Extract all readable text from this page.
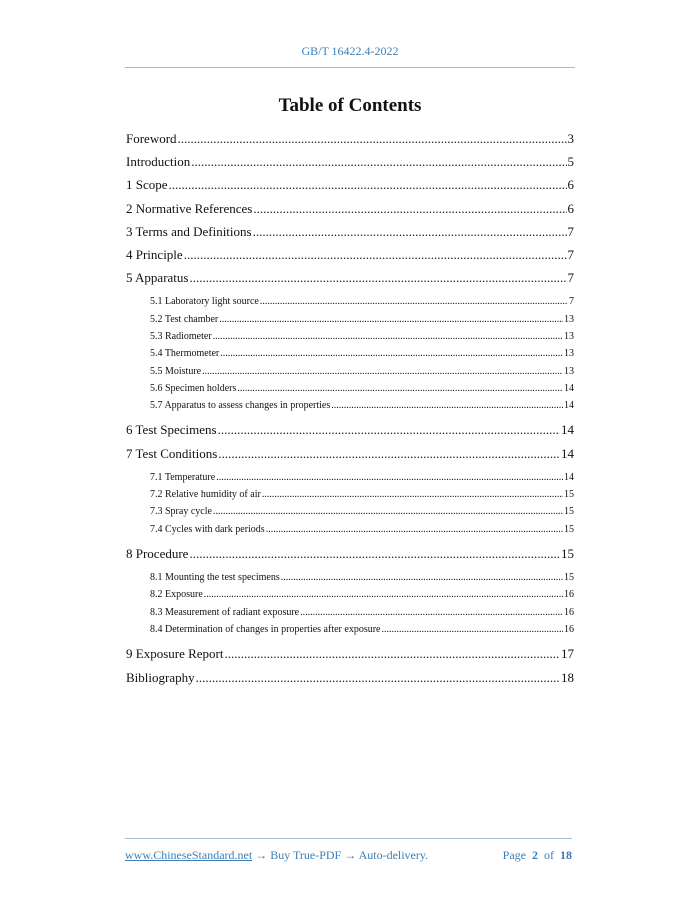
GB/T 16422.4-2022
Table of Contents
Foreword .....	3
Introduction .....	5
1 Scope .....	6
2 Normative References .....	6
3 Terms and Definitions .....	7
4 Principle .....	7
5 Apparatus .....	7
5.1 Laboratory light source .....	7
5.2 Test chamber .....	13
5.3 Radiometer .....	13
5.4 Thermometer .....	13
5.5 Moisture .....	13
5.6 Specimen holders .....	14
5.7 Apparatus to assess changes in properties .....	14
6 Test Specimens .....	14
7 Test Conditions .....	14
7.1 Temperature .....	14
7.2 Relative humidity of air .....	15
7.3 Spray cycle .....	15
7.4 Cycles with dark periods .....	15
8 Procedure .....	15
8.1 Mounting the test specimens .....	15
8.2 Exposure .....	16
8.3 Measurement of radiant exposure .....	16
8.4 Determination of changes in properties after exposure .....	16
9 Exposure Report .....	17
Bibliography .....	18
www.ChineseStandard.net → Buy True-PDF → Auto-delivery.	Page 2 of 18
